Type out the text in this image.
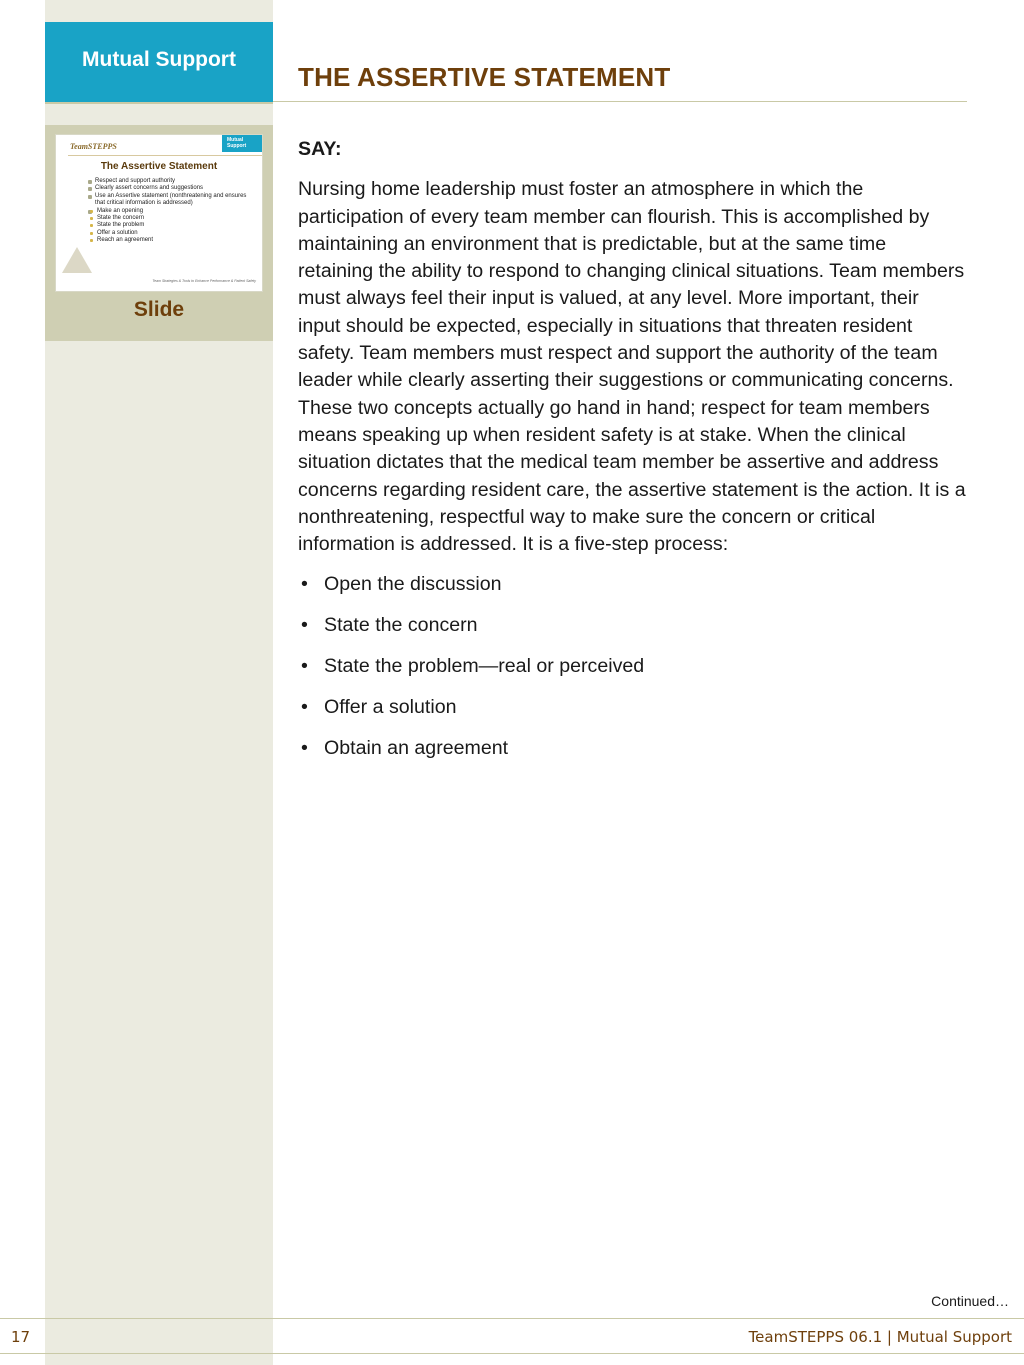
Mutual Support
TeamSTEPPS
Mutual Support
The Assertive Statement
Respect and support authority
Clearly assert concerns and suggestions
Use an Assertive statement (nonthreatening and ensures that critical information is addressed)
Make an opening
State the concern
State the problem
Offer a solution
Reach an agreement
Team Strategies & Tools to Enhance Performance & Patient Safety
Slide
THE ASSERTIVE STATEMENT

SAY:

Nursing home leadership must foster an atmosphere in which the participation of every team member can flourish. This is accomplished by maintaining an environment that is predictable, but at the same time retaining the ability to respond to changing clinical situations. Team members must always feel their input is valued, at any level. More important, their input should be expected, especially in situations that threaten resident safety. Team members must respect and support the authority of the team leader while clearly asserting their suggestions or communicating concerns. These two concepts actually go hand in hand; respect for team members means speaking up when resident safety is at stake. When the clinical situation dictates that the medical team member be assertive and address concerns regarding resident care, the assertive statement is the action. It is a nonthreatening, respectful way to make sure the concern or critical information is addressed. It is a five-step process:

• Open the discussion
• State the concern
• State the problem—real or perceived
• Offer a solution
• Obtain an agreement
Continued…
17	TeamSTEPPS 06.1 | Mutual Support
